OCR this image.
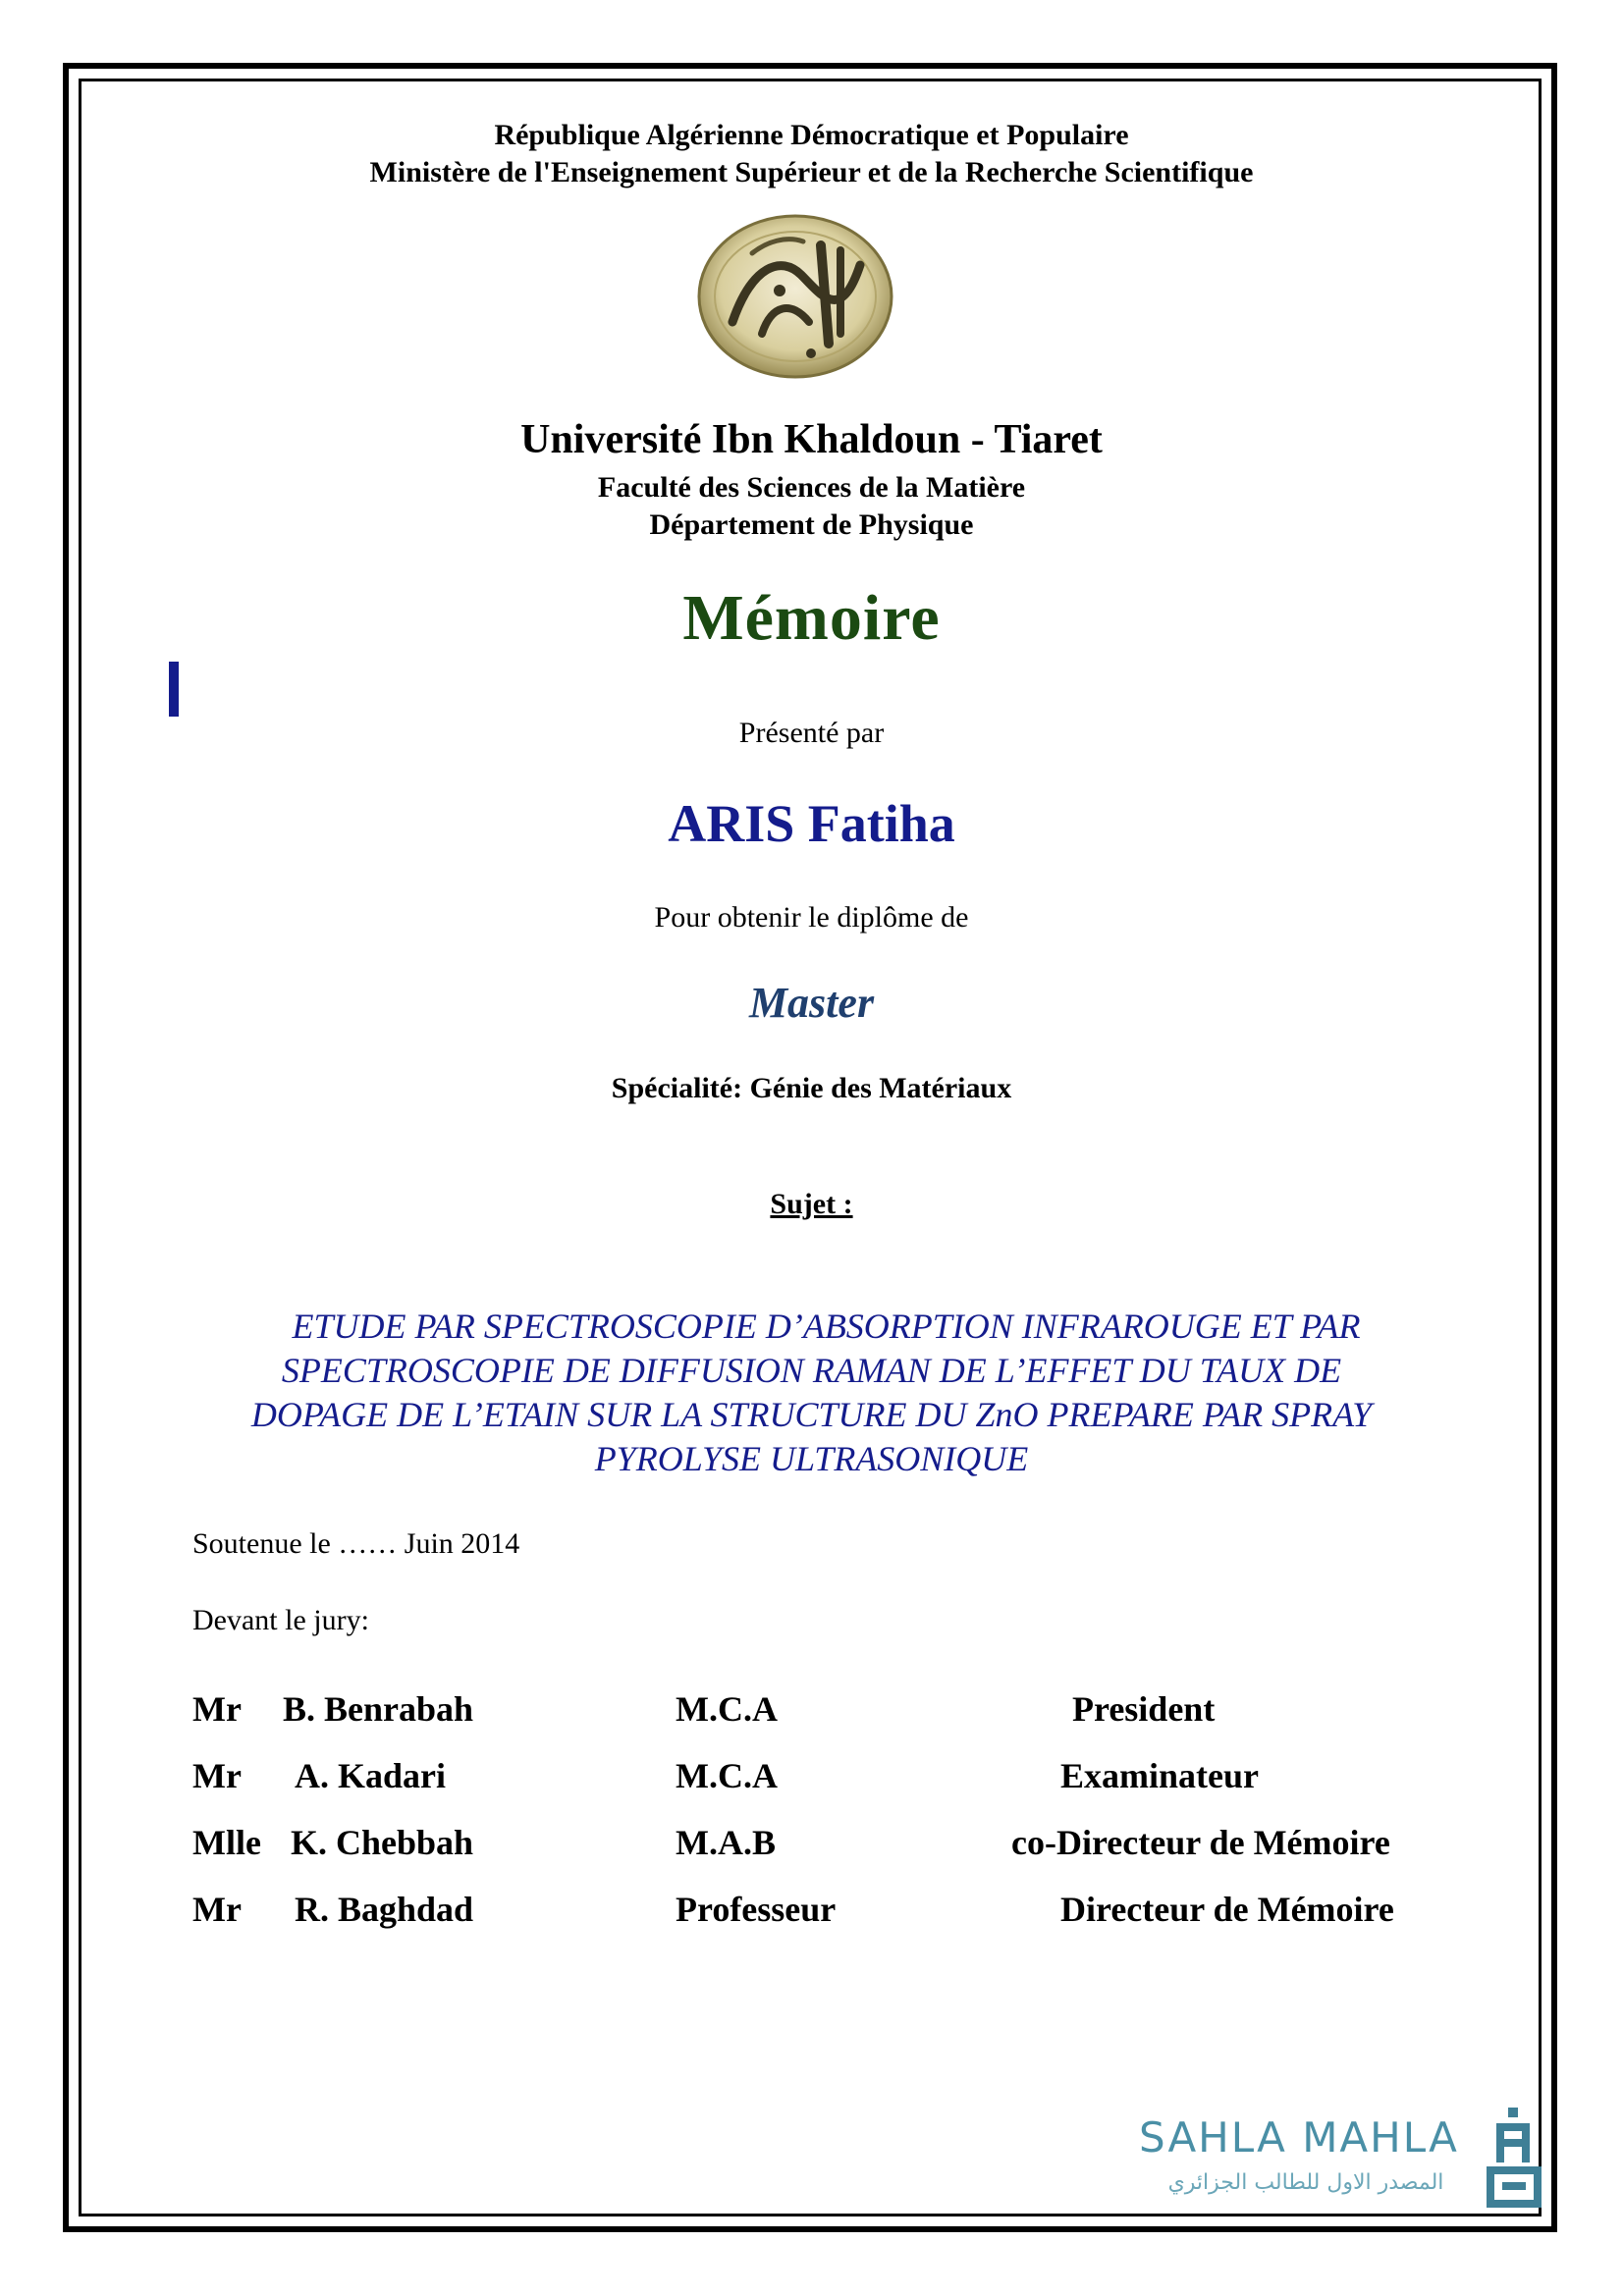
République Algérienne Démocratique et Populaire
Ministère de l'Enseignement Supérieur et de la Recherche Scientifique
Université Ibn Khaldoun - Tiaret
Faculté des Sciences de la Matière
Département de Physique
Mémoire
Présenté par
ARIS Fatiha
Pour obtenir le diplôme de
Master
Spécialité: Génie des Matériaux
Sujet :
ETUDE PAR SPECTROSCOPIE D’ABSORPTION INFRAROUGE ET PAR
SPECTROSCOPIE DE DIFFUSION RAMAN DE L’EFFET DU TAUX DE
DOPAGE DE L’ETAIN SUR LA STRUCTURE DU ZnO PREPARE PAR SPRAY
PYROLYSE ULTRASONIQUE
Soutenue le …… Juin 2014
Devant le jury:
Mr B. Benrabah	M.C.A	President
Mr A. Kadari	M.C.A	Examinateur
Mlle K. Chebbah	M.A.B	co-Directeur de Mémoire
Mr R. Baghdad	Professeur	Directeur de Mémoire
SAHLA MAHLA
المصدر الاول للطالب الجزائري
